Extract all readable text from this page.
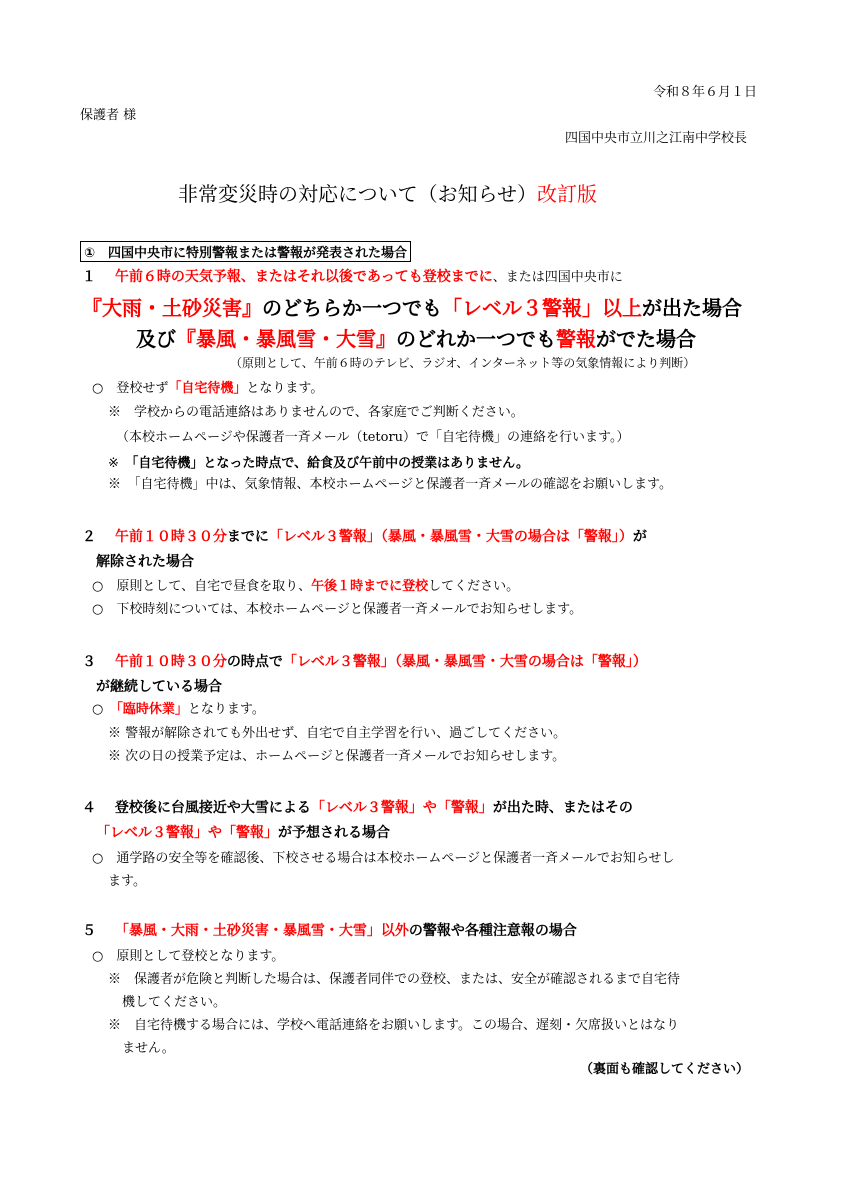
令和８年６月１日
保護者 様
四国中央市立川之江南中学校長
非常変災時の対応について（お知らせ）改訂版
①　四国中央市に特別警報または警報が発表された場合
１　 午前６時の天気予報、またはそれ以後であっても登校までに、または四国中央市に
『大雨・土砂災害』のどちらか一つでも「レベル３警報」以上が出た場合
及び『暴風・暴風雪・大雪』のどれか一つでも警報がでた場合
（原則として、午前６時のテレビ、ラジオ、インターネット等の気象情報により判断）
○　登校せず「自宅待機」となります。
※　学校からの電話連絡はありませんので、各家庭でご判断ください。
（本校ホームページや保護者一斉メール（tetoru）で「自宅待機」の連絡を行います。）
※　 「自宅待機」となった時点で、給食及び午前中の授業はありません。
※　「自宅待機」中は、気象情報、本校ホームページと保護者一斉メールの確認をお願いします。
２　 午前１０時３０分までに「レベル３警報」（暴風・暴風雪・大雪の場合は「警報」）が
解除された場合
○　原則として、自宅で昼食を取り、午後１時までに登校してください。
○　下校時刻については、本校ホームページと保護者一斉メールでお知らせします。
３　 午前１０時３０分の時点で「レベル３警報」（暴風・暴風雪・大雪の場合は「警報」）
が継続している場合
○　 「臨時休業」となります。
※ 警報が解除されても外出せず、自宅で自主学習を行い、過ごしてください。
※ 次の日の授業予定は、ホームページと保護者一斉メールでお知らせします。
４　 登校後に台風接近や大雪による「レベル３警報」や「警報」が出た時、またはその
「レベル３警報」や「警報」が予想される場合
○　通学路の安全等を確認後、下校させる場合は本校ホームページと保護者一斉メールでお知らせし
ます。
５　 「暴風・大雨・土砂災害・暴風雪・大雪」以外の警報や各種注意報の場合
○　原則として登校となります。
※　保護者が危険と判断した場合は、保護者同伴での登校、または、安全が確認されるまで自宅待
機してください。
※　自宅待機する場合には、学校へ電話連絡をお願いします。この場合、遅刻・欠席扱いとはなり
ません。
（裏面も確認してください）
